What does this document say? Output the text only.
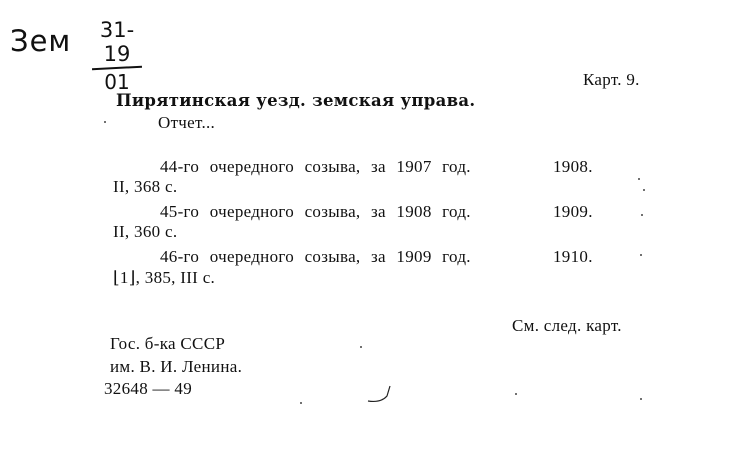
Зем	31-19
01	Карт. 9.
Пирятинская уезд. земская управа.
Отчет...
44-го очередного созыва, за 1907 год.	1908.
II, 368 с.
45-го очередного созыва, за 1908 год.	1909.
II, 360 с.
46-го очередного созыва, за 1909 год.	1910.
⌊1⌋, 385, III с.
См. след. карт.
Гос. б-ка СССР
им. В. И. Ленина.
32648 — 49
